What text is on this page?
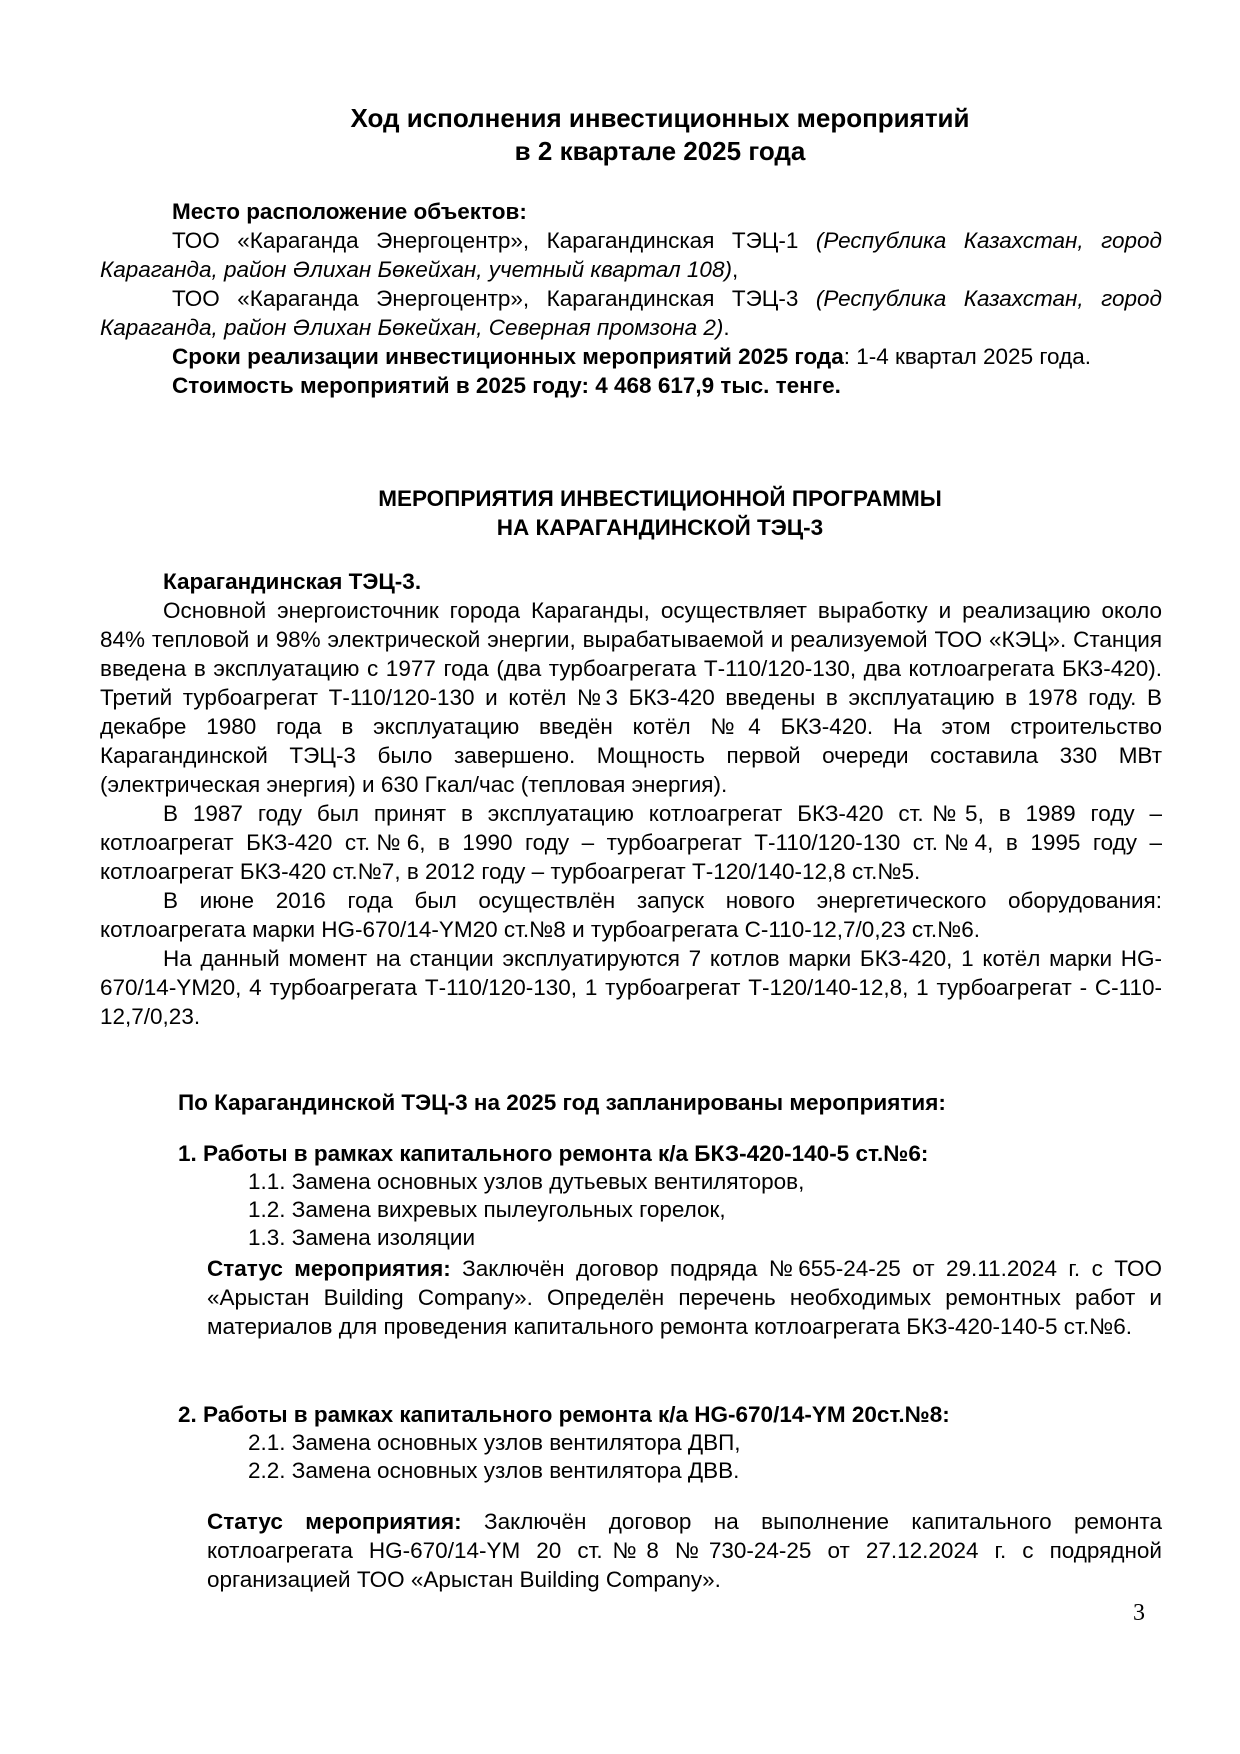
Ход исполнения инвестиционных мероприятий
в 2 квартале 2025 года

Место расположение объектов:

ТОО «Караганда Энергоцентр», Карагандинская ТЭЦ-1 (Республика Казахстан, город Караганда, район Әлихан Бөкейхан, учетный квартал 108),

ТОО «Караганда Энергоцентр», Карагандинская ТЭЦ-3 (Республика Казахстан, город Караганда, район Әлихан Бөкейхан, Северная промзона 2).

Сроки реализации инвестиционных мероприятий 2025 года: 1-4 квартал 2025 года.

Стоимость мероприятий в 2025 году: 4 468 617,9 тыс. тенге.

МЕРОПРИЯТИЯ ИНВЕСТИЦИОННОЙ ПРОГРАММЫ
НА КАРАГАНДИНСКОЙ ТЭЦ-3

Карагандинская ТЭЦ-3.

Основной энергоисточник города Караганды, осуществляет выработку и реализацию около 84% тепловой и 98% электрической энергии, вырабатываемой и реализуемой ТОО «КЭЦ». Станция введена в эксплуатацию с 1977 года (два турбоагрегата Т-110/120-130, два котлоагрегата БКЗ-420). Третий турбоагрегат Т-110/120-130 и котёл №3 БКЗ-420 введены в эксплуатацию в 1978 году. В декабре 1980 года в эксплуатацию введён котёл №4 БКЗ-420. На этом строительство Карагандинской ТЭЦ-3 было завершено. Мощность первой очереди составила 330 МВт (электрическая энергия) и 630 Гкал/час (тепловая энергия).

В 1987 году был принят в эксплуатацию котлоагрегат БКЗ-420 ст.№5, в 1989 году – котлоагрегат БКЗ-420 ст.№6, в 1990 году – турбоагрегат Т-110/120-130 ст.№4, в 1995 году – котлоагрегат БКЗ-420 ст.№7, в 2012 году – турбоагрегат Т-120/140-12,8 ст.№5.

В июне 2016 года был осуществлён запуск нового энергетического оборудования: котлоагрегата марки HG-670/14-YM20 ст.№8 и турбоагрегата С-110-12,7/0,23 ст.№6.

На данный момент на станции эксплуатируются 7 котлов марки БКЗ-420, 1 котёл марки HG-670/14-YM20, 4 турбоагрегата Т-110/120-130, 1 турбоагрегат Т-120/140-12,8, 1 турбоагрегат - С-110-12,7/0,23.

По Карагандинской ТЭЦ-3 на 2025 год запланированы мероприятия:
1. Работы в рамках капитального ремонта к/а БКЗ-420-140-5 ст.№6:

1.1. Замена основных узлов дутьевых вентиляторов,

1.2. Замена вихревых пылеугольных горелок,

1.3. Замена изоляции

Статус мероприятия: Заключён договор подряда №655-24-25 от 29.11.2024 г. с ТОО «Арыстан Building Company». Определён перечень необходимых ремонтных работ и материалов для проведения капитального ремонта котлоагрегата БКЗ-420-140-5 ст.№6.

2. Работы в рамках капитального ремонта к/а HG-670/14-YM 20ст.№8:

2.1. Замена основных узлов вентилятора ДВП,

2.2. Замена основных узлов вентилятора ДВВ.

Статус мероприятия: Заключён договор на выполнение капитального ремонта котлоагрегата HG-670/14-YM 20 ст.№8 №730-24-25 от 27.12.2024 г. с подрядной организацией ТОО «Арыстан Building Company».

3
